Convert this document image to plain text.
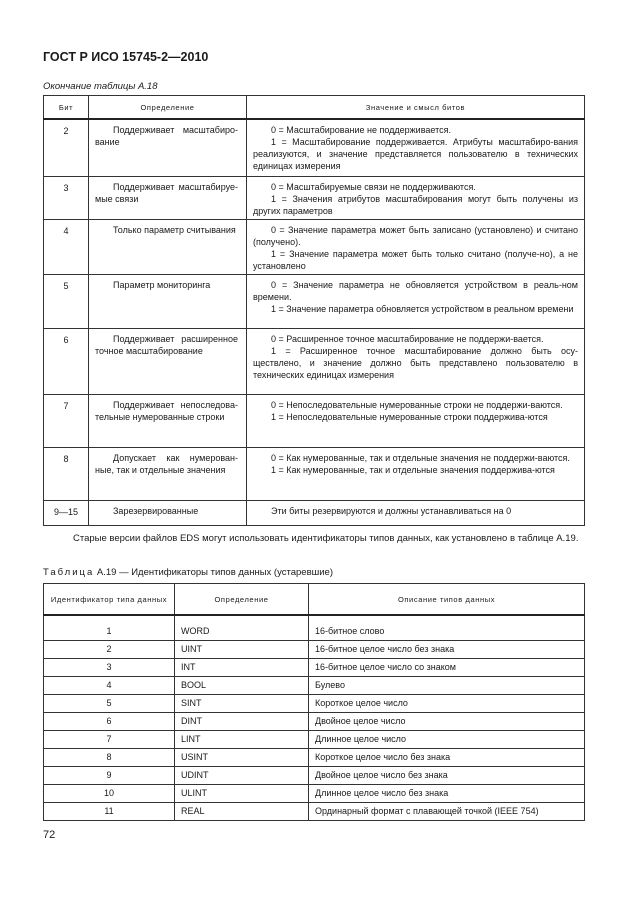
ГОСТ Р ИСО 15745-2—2010
Окончание таблицы А.18
Бит	Определение	Значение и смысл битов
2	Поддерживает масштабиро-вание	0 = Масштабирование не поддерживается.
1 = Масштабирование поддерживается. Атрибуты масштабиро-вания реализуются, и значение представляется пользователю в технических единицах измерения

3	Поддерживает масштабируе-мые связи	0 = Масштабируемые связи не поддерживаются.
1 = Значения атрибутов масштабирования могут быть получены из других параметров

4	Только параметр считывания	0 = Значение параметра может быть записано (установлено) и считано (получено).
1 = Значение параметра может быть только считано (получе-но), а не установлено

5	Параметр мониторинга	0 = Значение параметра не обновляется устройством в реаль-ном времени.
1 = Значение параметра обновляется устройством в реальном времени

6	Поддерживает расширенное точное масштабирование	0 = Расширенное точное масштабирование не поддержи-вается.
1 = Расширенное точное масштабирование должно быть осу-ществлено, и значение должно быть представлено пользователю в технических единицах измерения

7	Поддерживает непоследова-тельные нумерованные строки	0 = Непоследовательные нумерованные строки не поддержи-ваются.
1 = Непоследовательные нумерованные строки поддержива-ются

8	Допускает как нумерован-ные, так и отдельные значения	0 = Как нумерованные, так и отдельные значения не поддержи-ваются.
1 = Как нумерованные, так и отдельные значения поддержива-ются

9—15	Зарезервированные	Эти биты резервируются и должны устанавливаться на 0
Старые версии файлов EDS могут использовать идентификаторы типов данных, как установлено в таблице А.19.
Таблица А.19 — Идентификаторы типов данных (устаревшие)
Идентификатор типа данных	Определение	Описание типов данных
1	WORD	16-битное слово
2	UINT	16-битное целое число без знака
3	INT	16-битное целое число со знаком
4	BOOL	Булево
5	SINT	Короткое целое число
6	DINT	Двойное целое число
7	LINT	Длинное целое число
8	USINT	Короткое целое число без знака
9	UDINT	Двойное целое число без знака
10	ULINT	Длинное целое число без знака
11	REAL	Ординарный формат с плавающей точкой (IEEE 754)
72
